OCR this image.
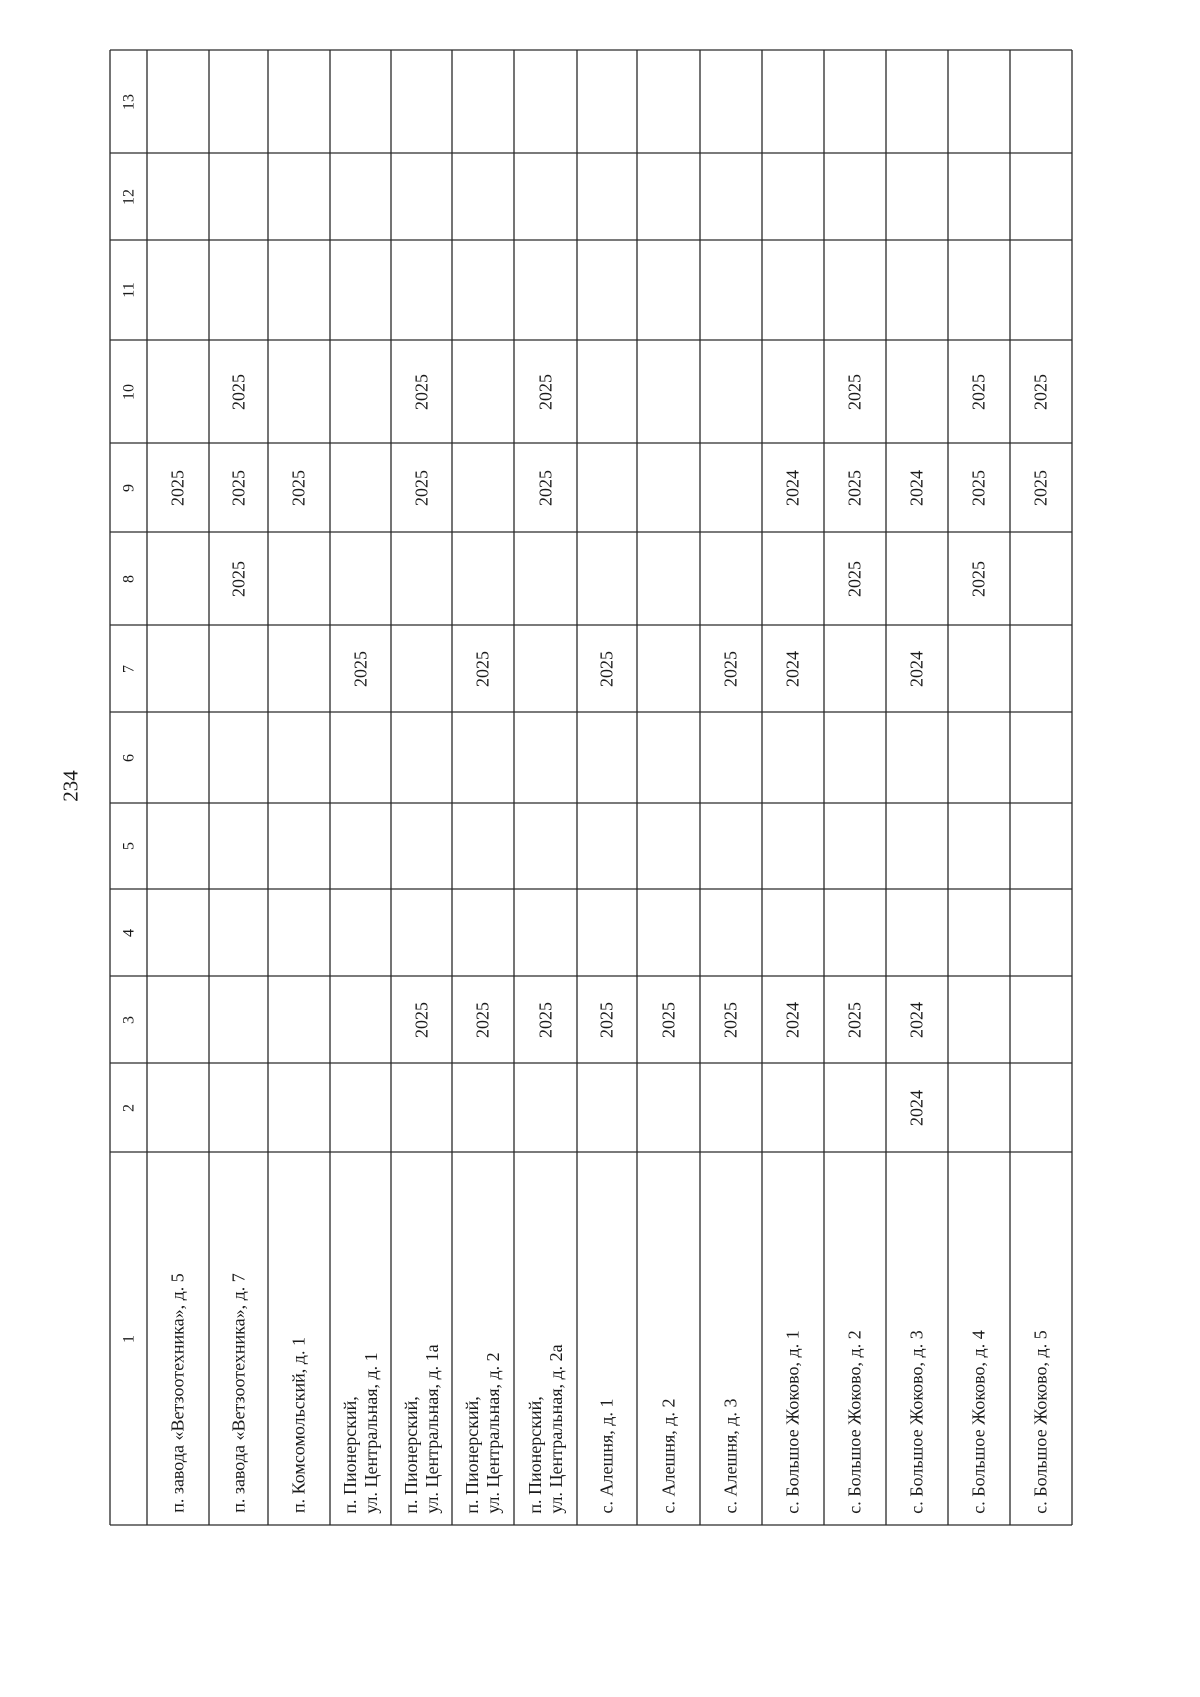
234
1
2
3
4
5
6
7
8
9
10
11
12
13
п. завода «Ветзоотехника», д. 5
2025
п. завода «Ветзоотехника», д. 7
2025
2025
2025
п. Комсомольский, д. 1
2025
п. Пионерский, ул. Центральная, д. 1
2025
п. Пионерский, ул. Центральная, д. 1а
2025
2025
2025
п. Пионерский, ул. Центральная, д. 2
2025
2025
п. Пионерский, ул. Центральная, д. 2а
2025
2025
2025
с. Алешня, д. 1
2025
2025
с. Алешня, д. 2
2025
с. Алешня, д. 3
2025
2025
с. Большое Жоково, д. 1
2024
2024
2024
с. Большое Жоково, д. 2
2025
2025
2025
2025
с. Большое Жоково, д. 3
2024
2024
2024
2024
с. Большое Жоково, д. 4
2025
2025
2025
с. Большое Жоково, д. 5
2025
2025
